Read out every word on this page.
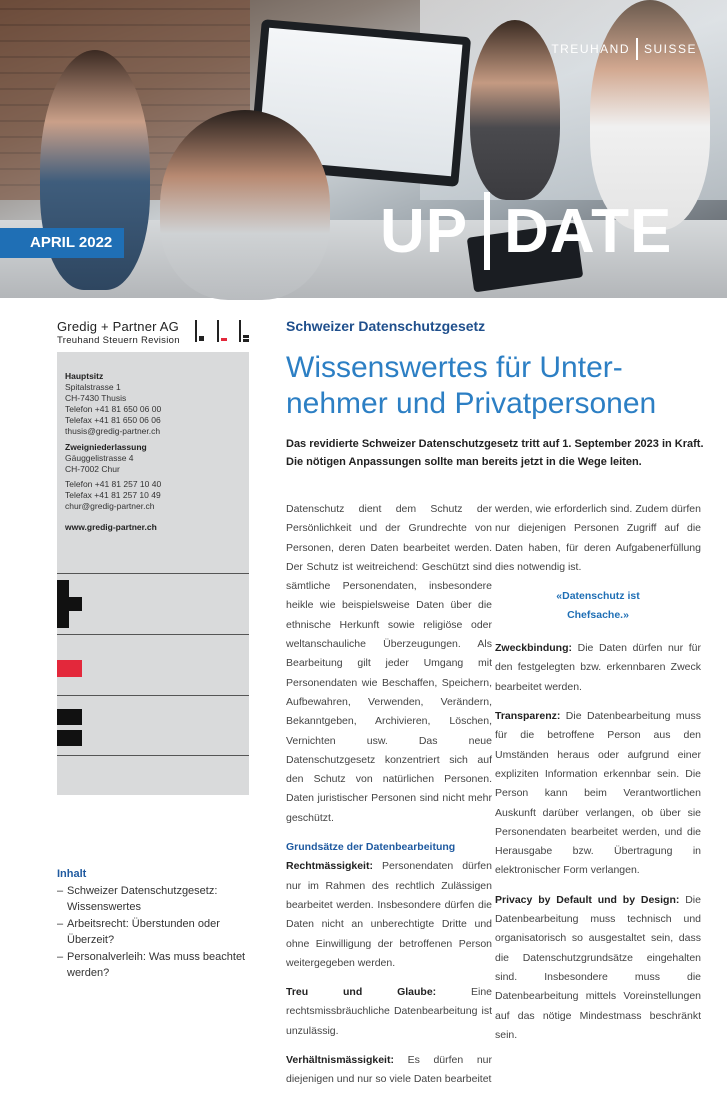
TREUHAND SUISSE
UP DATE
APRIL 2022
Gredig + Partner AG
Treuhand Steuern Revision
Hauptsitz
Spitalstrasse 1
CH-7430 Thusis
Telefon +41 81 650 06 00
Telefax +41 81 650 06 06
thusis@gredig-partner.ch
Zweigniederlassung
Gäuggelistrasse 4
CH-7002 Chur
Telefon +41 81 257 10 40
Telefax +41 81 257 10 49
chur@gredig-partner.ch
www.gredig-partner.ch
Inhalt
– Schweizer Datenschutzgesetz: Wissenswertes
– Arbeitsrecht: Überstunden oder Überzeit?
– Personalverleih: Was muss beachtet werden?
Schweizer Datenschutzgesetz
Wissenswertes für Unter-
nehmer und Privatpersonen
Das revidierte Schweizer Datenschutzgesetz tritt auf 1. September 2023 in Kraft. Die nötigen Anpassungen sollte man bereits jetzt in die Wege leiten.

Datenschutz dient dem Schutz der Persönlichkeit und der Grundrechte von Personen, deren Daten bearbeitet werden. Der Schutz ist weitreichend: Geschützt sind sämtliche Personendaten, insbesondere heikle wie beispielsweise Daten über die ethnische Herkunft sowie religiöse oder weltanschauliche Überzeugungen. Als Bearbeitung gilt jeder Umgang mit Personendaten wie Beschaffen, Speichern, Aufbewahren, Verwenden, Verändern, Bekanntgeben, Archivieren, Löschen, Vernichten usw. Das neue Datenschutzgesetz konzentriert sich auf den Schutz von natürlichen Personen. Daten juristischer Personen sind nicht mehr geschützt.

Grundsätze der Datenbearbeitung

Rechtmässigkeit: Personendaten dürfen nur im Rahmen des rechtlich Zulässigen bearbeitet werden. Insbesondere dürfen die Daten nicht an unberechtigte Dritte und ohne Einwilligung der betroffenen Person weitergegeben werden.

Treu und Glaube: Eine rechtsmissbräuchliche Datenbearbeitung ist unzulässig.

Verhältnismässigkeit: Es dürfen nur diejenigen und nur so viele Daten bearbeitet

werden, wie erforderlich sind. Zudem dürfen nur diejenigen Personen Zugriff auf die Daten haben, für deren Aufgabenerfüllung dies notwendig ist.

«Datenschutz ist
Chefsache.»

Zweckbindung: Die Daten dürfen nur für den festgelegten bzw. erkennbaren Zweck bearbeitet werden.

Transparenz: Die Datenbearbeitung muss für die betroffene Person aus den Umständen heraus oder aufgrund einer expliziten Information erkennbar sein. Die Person kann beim Verantwortlichen Auskunft darüber verlangen, ob über sie Personendaten bearbeitet werden, und die Herausgabe bzw. Übertragung in elektronischer Form verlangen.

Privacy by Default und by Design: Die Datenbearbeitung muss technisch und organisatorisch so ausgestaltet sein, dass die Datenschutzgrundsätze eingehalten sind. Insbesondere muss die Datenbearbeitung mittels Voreinstellungen auf das nötige Mindestmass beschränkt sein.
